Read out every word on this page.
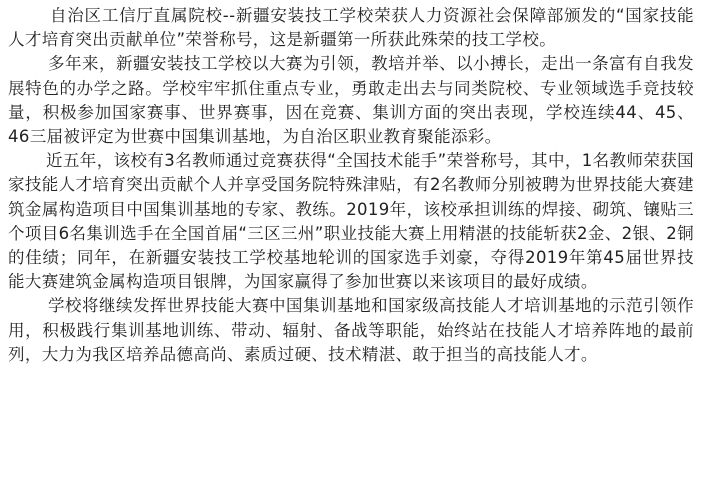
自治区工信厅直属院校--新疆安装技工学校荣获人力资源社会保障部颁发的“国家技能人才培育突出贡献单位”荣誉称号，这是新疆第一所获此殊荣的技工学校。

多年来，新疆安装技工学校以大赛为引领，教培并举、以小搏长，走出一条富有自我发展特色的办学之路。学校牢牢抓住重点专业，勇敢走出去与同类院校、专业领域选手竞技较量，积极参加国家赛事、世界赛事，因在竞赛、集训方面的突出表现，学校连续44、45、46三届被评定为世赛中国集训基地，为自治区职业教育聚能添彩。

近五年，该校有3名教师通过竞赛获得“全国技术能手”荣誉称号，其中，1名教师荣获国家技能人才培育突出贡献个人并享受国务院特殊津贴，有2名教师分别被聘为世界技能大赛建筑金属构造项目中国集训基地的专家、教练。2019年，该校承担训练的焊接、砌筑、镶贴三个项目6名集训选手在全国首届“三区三州”职业技能大赛上用精湛的技能斩获2金、2银、2铜的佳绩；同年，在新疆安装技工学校基地轮训的国家选手刘豪，夺得2019年第45届世界技能大赛建筑金属构造项目银牌，为国家赢得了参加世赛以来该项目的最好成绩。

学校将继续发挥世界技能大赛中国集训基地和国家级高技能人才培训基地的示范引领作用，积极践行集训基地训练、带动、辐射、备战等职能，始终站在技能人才培养阵地的最前列，大力为我区培养品德高尚、素质过硬、技术精湛、敢于担当的高技能人才。
